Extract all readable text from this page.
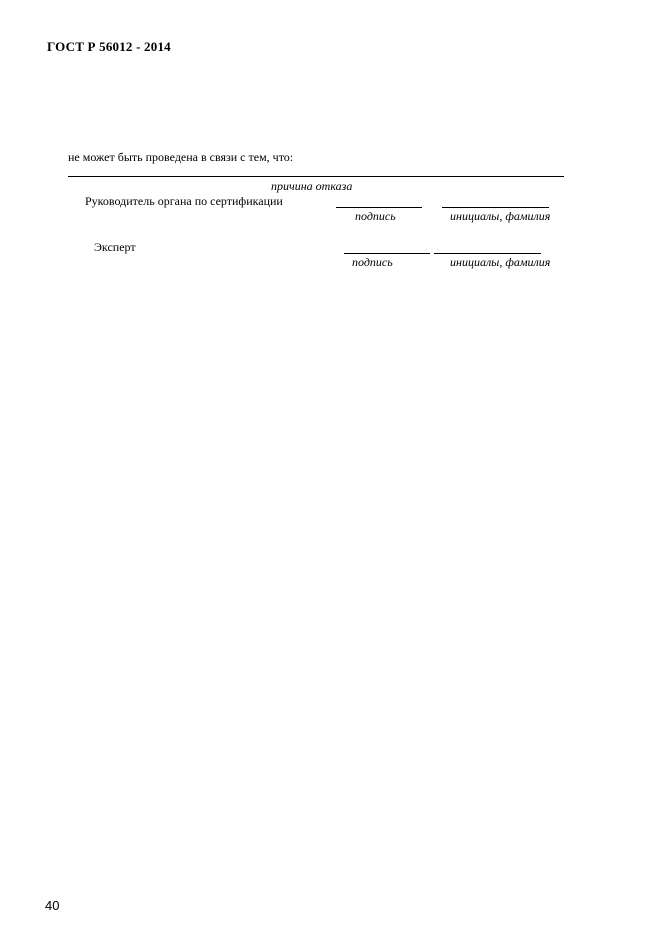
ГОСТ Р 56012 - 2014
не может быть проведена в связи с тем, что:
причина отказа
Руководитель органа по сертификации
подпись	инициалы, фамилия
Эксперт
подпись	инициалы, фамилия
40
